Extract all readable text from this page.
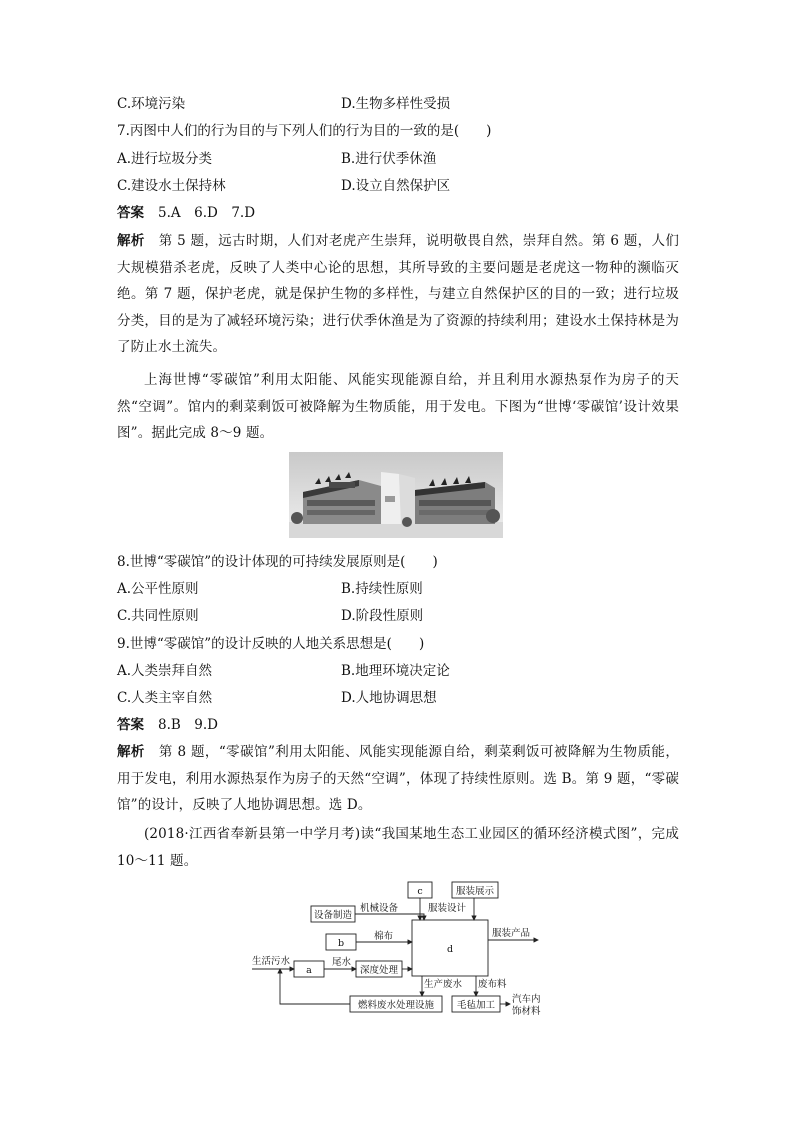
C.环境污染	D.生物多样性受损
7.丙图中人们的行为目的与下列人们的行为目的一致的是(　　)
A.进行垃圾分类	B.进行伏季休渔
C.建设水土保持林	D.设立自然保护区
答案 5.A　6.D　7.D
解析 第 5 题，远古时期，人们对老虎产生崇拜，说明敬畏自然，崇拜自然。第 6 题，人们大规模猎杀老虎，反映了人类中心论的思想，其所导致的主要问题是老虎这一物种的濒临灭绝。第 7 题，保护老虎，就是保护生物的多样性，与建立自然保护区的目的一致；进行垃圾分类，目的是为了减轻环境污染；进行伏季休渔是为了资源的持续利用；建设水土保持林是为了防止水土流失。
上海世博“零碳馆”利用太阳能、风能实现能源自给，并且利用水源热泵作为房子的天然“空调”。馆内的剩菜剩饭可被降解为生物质能，用于发电。下图为“世博‘零碳馆’设计效果图”。据此完成 8～9 题。
8.世博“零碳馆”的设计体现的可持续发展原则是(　　)
A.公平性原则	B.持续性原则
C.共同性原则	D.阶段性原则
9.世博“零碳馆”的设计反映的人地关系思想是(　　)
A.人类崇拜自然	B.地理环境决定论
C.人类主宰自然	D.人地协调思想
答案 8.B　9.D
解析 第 8 题，“零碳馆”利用太阳能、风能实现能源自给，剩菜剩饭可被降解为生物质能，用于发电，利用水源热泵作为房子的天然“空调”，体现了持续性原则。选 B。第 9 题，“零碳馆”的设计，反映了人地协调思想。选 D。
(2018·江西省奉新县第一中学月考)读“我国某地生态工业园区的循环经济模式图”，完成 10～11 题。
c	服装展示
设备制造
机械设备	服装设计
b
棉布
d
服装产品
生活污水
a
尾水
深度处理
生产废水 废布料
燃料废水处理设施 毛毡加工
汽车内
饰材料
